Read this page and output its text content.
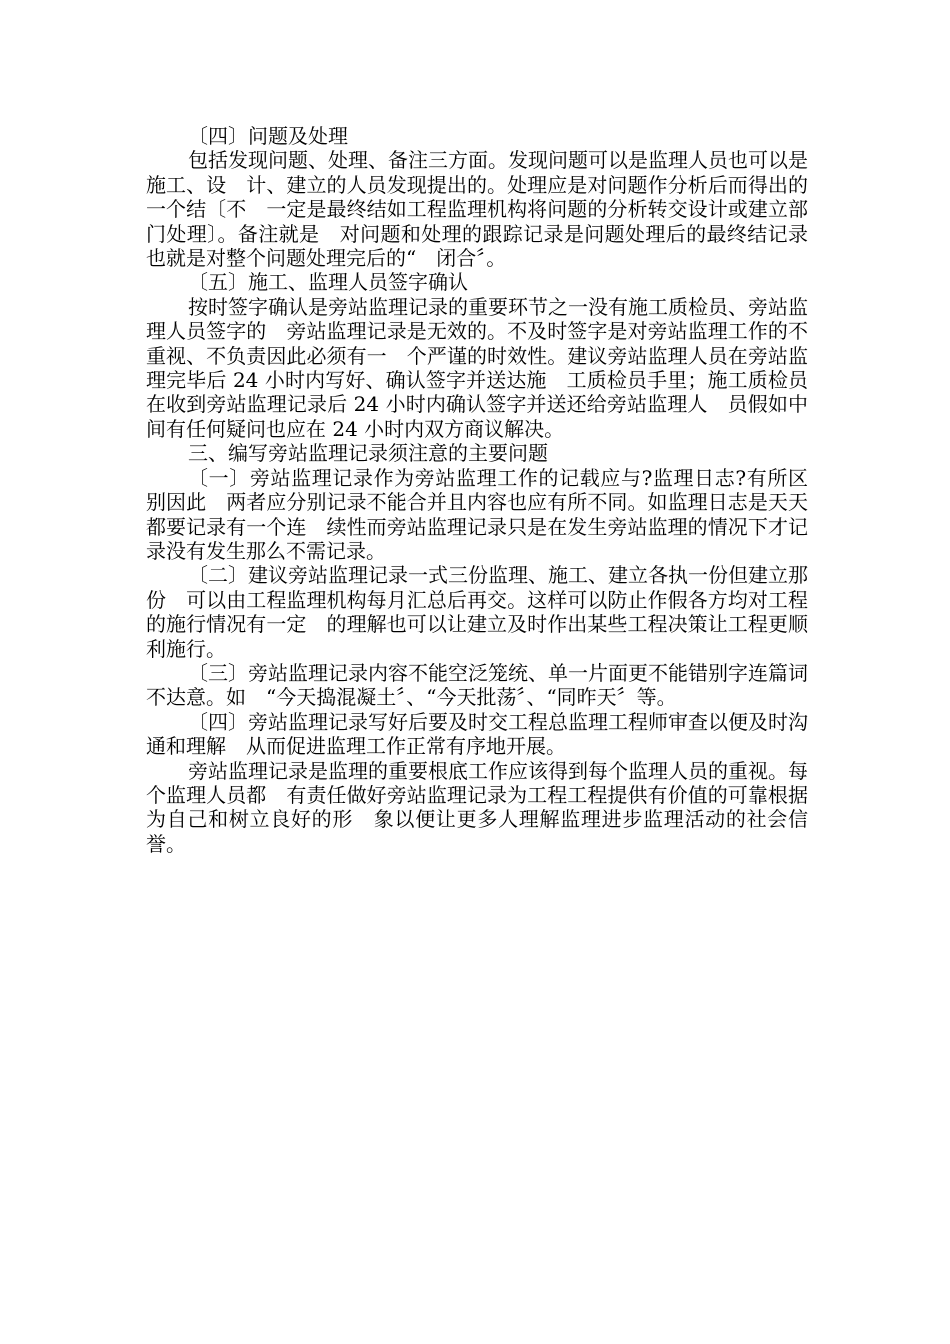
〔四〕问题及处理

包括发现问题、处理、备注三方面。发现问题可以是监理人员也可以是施工、设　计、建立的人员发现提出的。处理应是对问题作分析后而得出的一个结〔不　一定是最终结如工程监理机构将问题的分析转交设计或建立部门处理〕。备注就是　对问题和处理的跟踪记录是问题处理后的最终结记录也就是对整个问题处理完后的“　闭合〞。

〔五〕施工、监理人员签字确认

按时签字确认是旁站监理记录的重要环节之一没有施工质检员、旁站监理人员签字的　旁站监理记录是无效的。不及时签字是对旁站监理工作的不重视、不负责因此必须有一　个严谨的时效性。建议旁站监理人员在旁站监理完毕后 24 小时内写好、确认签字并送达施　工质检员手里；施工质检员在收到旁站监理记录后 24 小时内确认签字并送还给旁站监理人　员假如中间有任何疑问也应在 24 小时内双方商议解决。

三、编写旁站监理记录须注意的主要问题

〔一〕旁站监理记录作为旁站监理工作的记载应与?监理日志?有所区别因此　两者应分别记录不能合并且内容也应有所不同。如监理日志是天天都要记录有一个连　续性而旁站监理记录只是在发生旁站监理的情况下才记录没有发生那么不需记录。

〔二〕建议旁站监理记录一式三份监理、施工、建立各执一份但建立那份　可以由工程监理机构每月汇总后再交。这样可以防止作假各方均对工程的施行情况有一定　的理解也可以让建立及时作出某些工程决策让工程更顺利施行。

〔三〕旁站监理记录内容不能空泛笼统、单一片面更不能错别字连篇词不达意。如　“今天捣混凝土〞、“今天批荡〞、“同昨天〞等。

〔四〕旁站监理记录写好后要及时交工程总监理工程师审查以便及时沟通和理解　从而促进监理工作正常有序地开展。

旁站监理记录是监理的重要根底工作应该得到每个监理人员的重视。每个监理人员都　有责任做好旁站监理记录为工程工程提供有价值的可靠根据为自己和树立良好的形　象以便让更多人理解监理进步监理活动的社会信誉。
